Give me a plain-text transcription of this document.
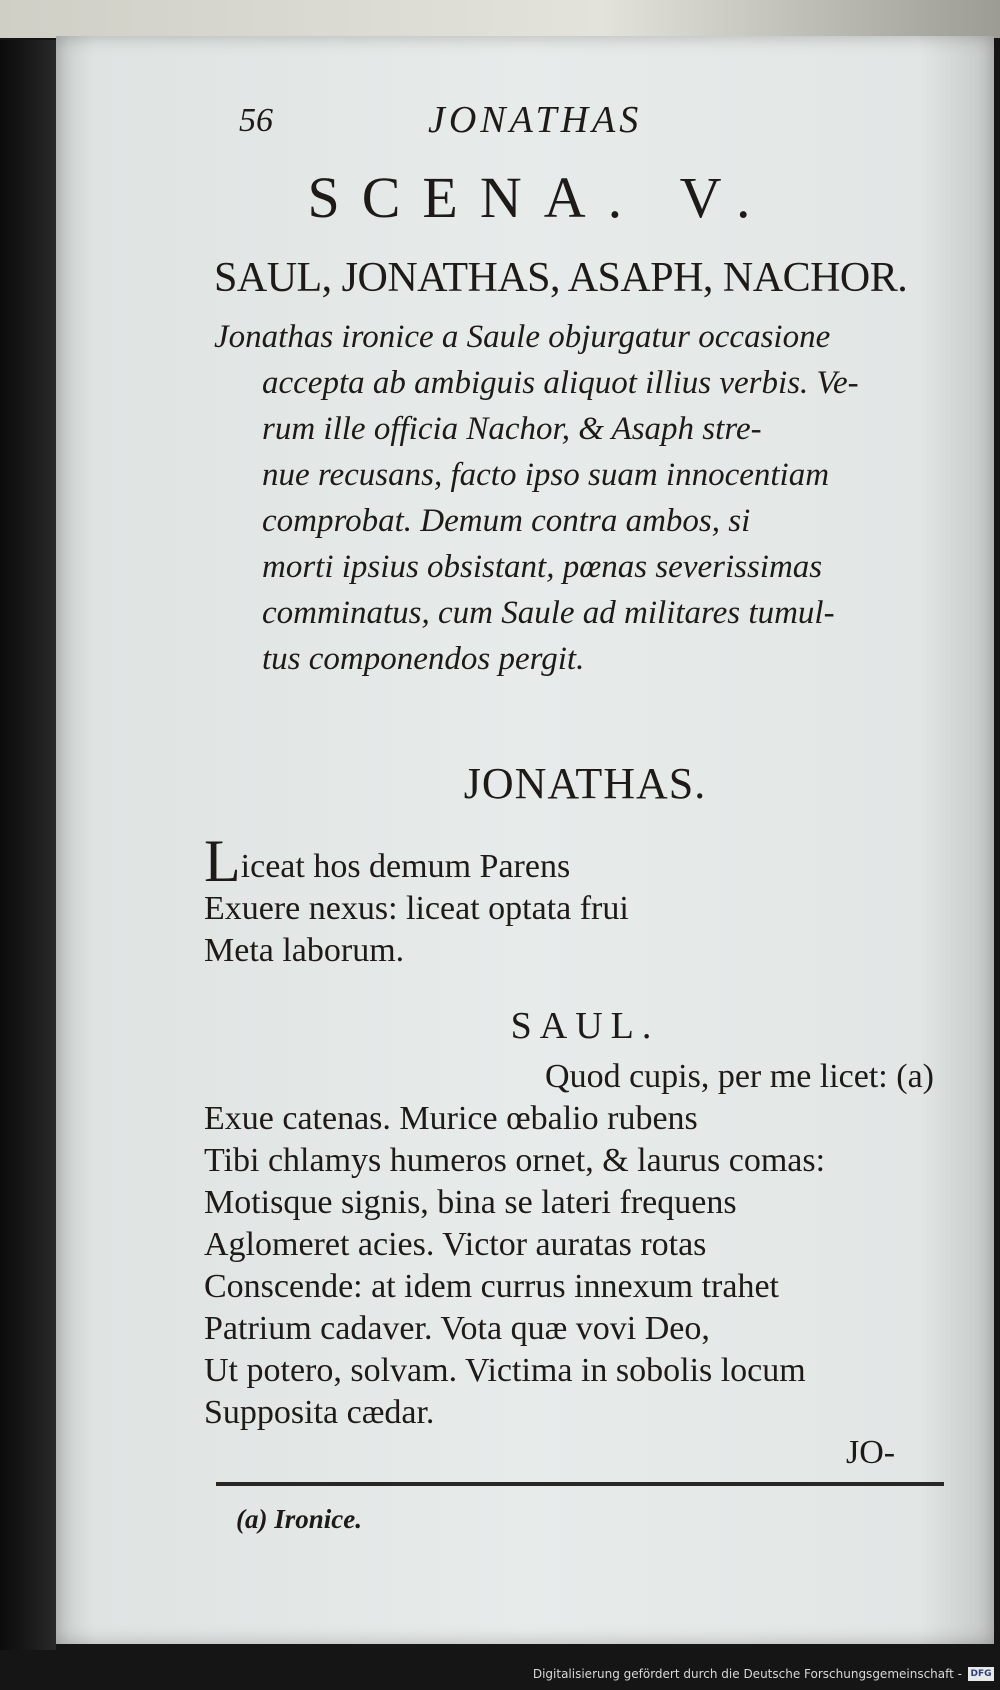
56	JONATHAS
SCENA. V.
SAUL, JONATHAS, ASAPH, NACHOR.
Jonathas ironice a Saule objurgatur occasione
accepta ab ambiguis aliquot illius verbis. Ve-
rum ille officia Nachor, & Asaph stre-
nue recusans, facto ipso suam innocentiam
comprobat. Demum contra ambos, si
morti ipsius obsistant, pœnas severissimas
comminatus, cum Saule ad militares tumul-
tus componendos pergit.
JONATHAS.
Liceat hos demum Parens
Exuere nexus: liceat optata frui
Meta laborum.
SAUL.
Quod cupis, per me licet: (a)
Exue catenas. Murice œbalio rubens
Tibi chlamys humeros ornet, & laurus comas:
Motisque signis, bina se lateri frequens
Aglomeret acies. Victor auratas rotas
Conscende: at idem currus innexum trahet
Patrium cadaver. Vota quæ vovi Deo,
Ut potero, solvam. Victima in sobolis locum
Supposita cædar.
JO-
(a) Ironice.
Digitalisierung gefördert durch die Deutsche Forschungsgemeinschaft - DFG
